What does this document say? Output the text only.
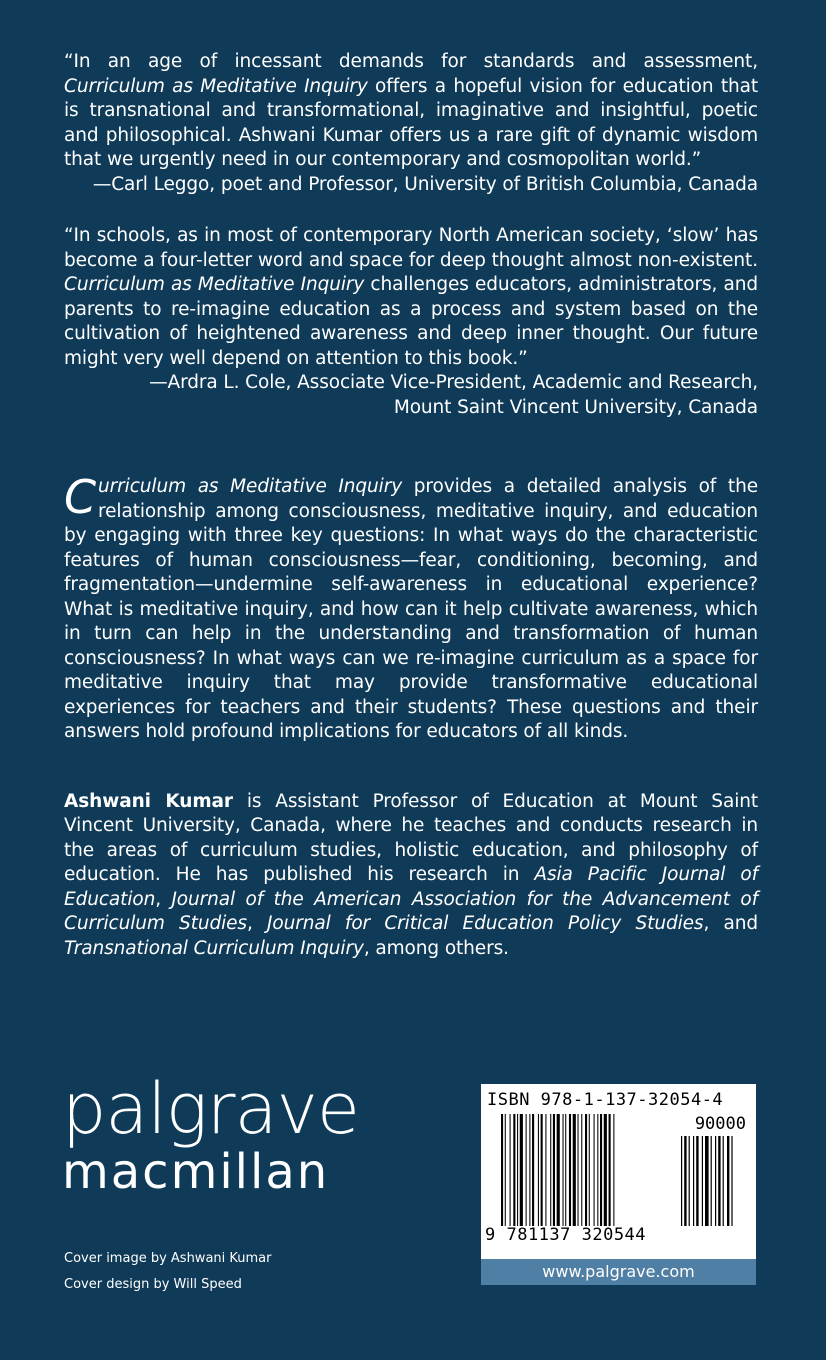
“In an age of incessant demands for standards and assessment, Curriculum as Meditative Inquiry offers a hopeful vision for education that is transnational and transformational, imaginative and insightful, poetic and philosophical. Ashwani Kumar offers us a rare gift of dynamic wisdom that we urgently need in our contemporary and cosmopolitan world.”
—Carl Leggo, poet and Professor, University of British Columbia, Canada

“In schools, as in most of contemporary North American society, ‘slow’ has become a four-letter word and space for deep thought almost non-existent. Curriculum as Meditative Inquiry challenges educators, administrators, and parents to re-imagine education as a process and system based on the cultivation of heightened awareness and deep inner thought. Our future might very well depend on attention to this book.”
—Ardra L. Cole, Associate Vice-President, Academic and Research,
Mount Saint Vincent University, Canada

Curriculum as Meditative Inquiry provides a detailed analysis of the relationship among consciousness, meditative inquiry, and education by engaging with three key questions: In what ways do the characteristic features of human consciousness—fear, conditioning, becoming, and fragmentation—undermine self-awareness in educational experience? What is meditative inquiry, and how can it help cultivate awareness, which in turn can help in the understanding and transformation of human consciousness? In what ways can we re-imagine curriculum as a space for meditative inquiry that may provide transformative educational experiences for teachers and their students? These questions and their answers hold profound implications for educators of all kinds.

Ashwani Kumar is Assistant Professor of Education at Mount Saint Vincent University, Canada, where he teaches and conducts research in the areas of curriculum studies, holistic education, and philosophy of education. He has published his research in Asia Pacific Journal of Education, Journal of the American Association for the Advancement of Curriculum Studies, Journal for Critical Education Policy Studies, and Transnational Curriculum Inquiry, among others.

palgrave
macmillan
Cover image by Ashwani Kumar
Cover design by Will Speed
ISBN 978-1-137-32054-4
90000
9 781137 320544
www.palgrave.com
